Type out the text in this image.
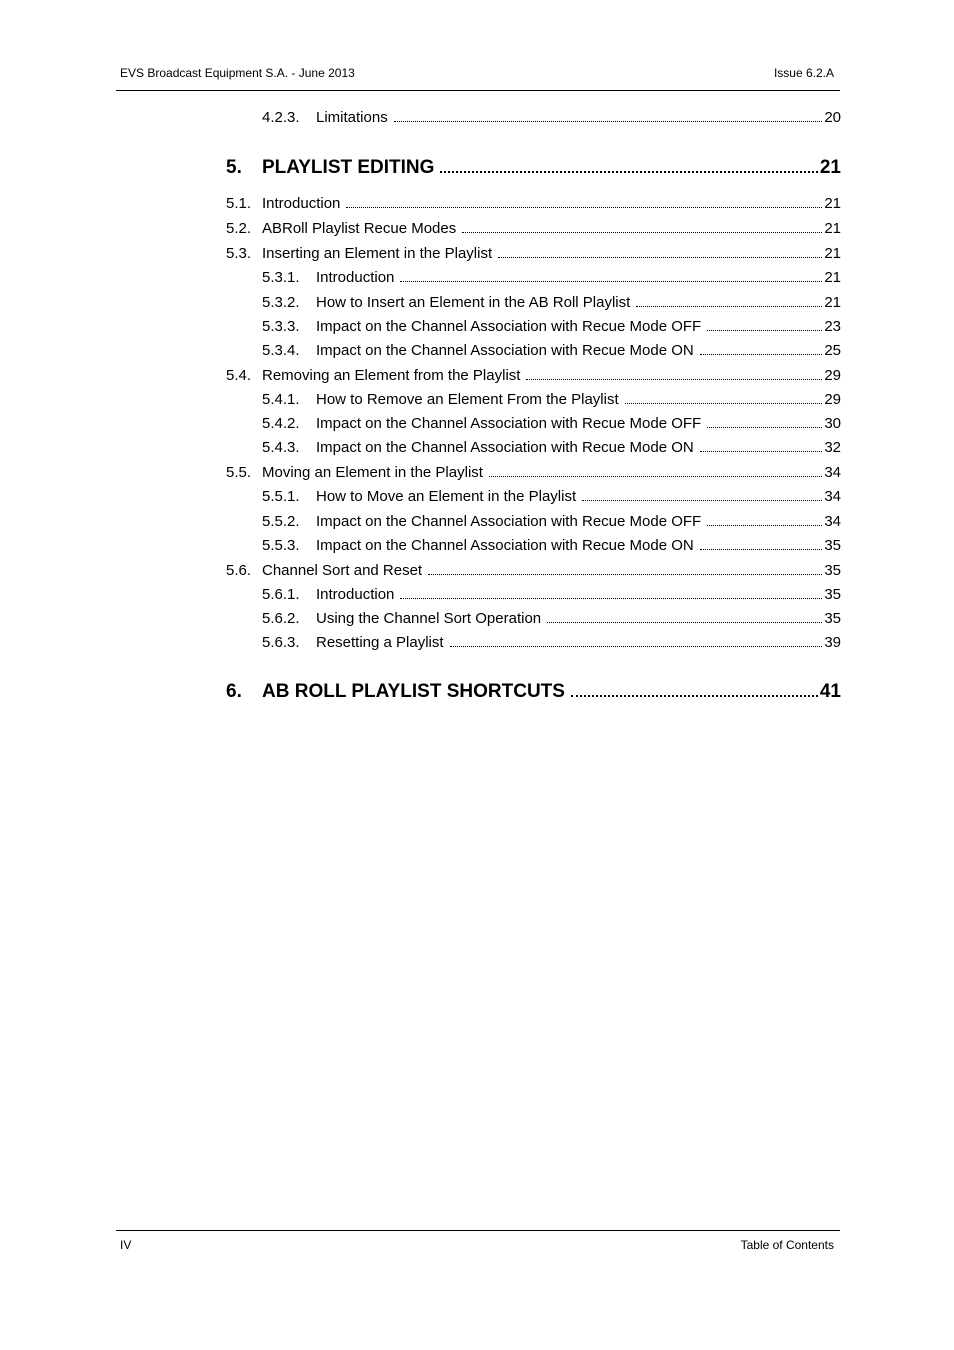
EVS Broadcast Equipment S.A. - June 2013	Issue 6.2.A
4.2.3.	Limitations	20
5.	PLAYLIST EDITING	21
5.1. Introduction	21
5.2. ABRoll Playlist Recue Modes	21
5.3. Inserting an Element in the Playlist	21
5.3.1.	Introduction	21
5.3.2.	How to Insert an Element in the AB Roll Playlist	21
5.3.3.	Impact on the Channel Association with Recue Mode OFF	23
5.3.4.	Impact on the Channel Association with Recue Mode ON	25
5.4. Removing an Element from the Playlist	29
5.4.1.	How to Remove an Element From the Playlist	29
5.4.2.	Impact on the Channel Association with Recue Mode OFF	30
5.4.3.	Impact on the Channel Association with Recue Mode ON	32
5.5. Moving an Element in the Playlist	34
5.5.1.	How to Move an Element in the Playlist	34
5.5.2.	Impact on the Channel Association with Recue Mode OFF	34
5.5.3.	Impact on the Channel Association with Recue Mode ON	35
5.6. Channel Sort and Reset	35
5.6.1.	Introduction	35
5.6.2.	Using the Channel Sort Operation	35
5.6.3.	Resetting a Playlist	39
6.	AB ROLL PLAYLIST SHORTCUTS	41
IV	Table of Contents
